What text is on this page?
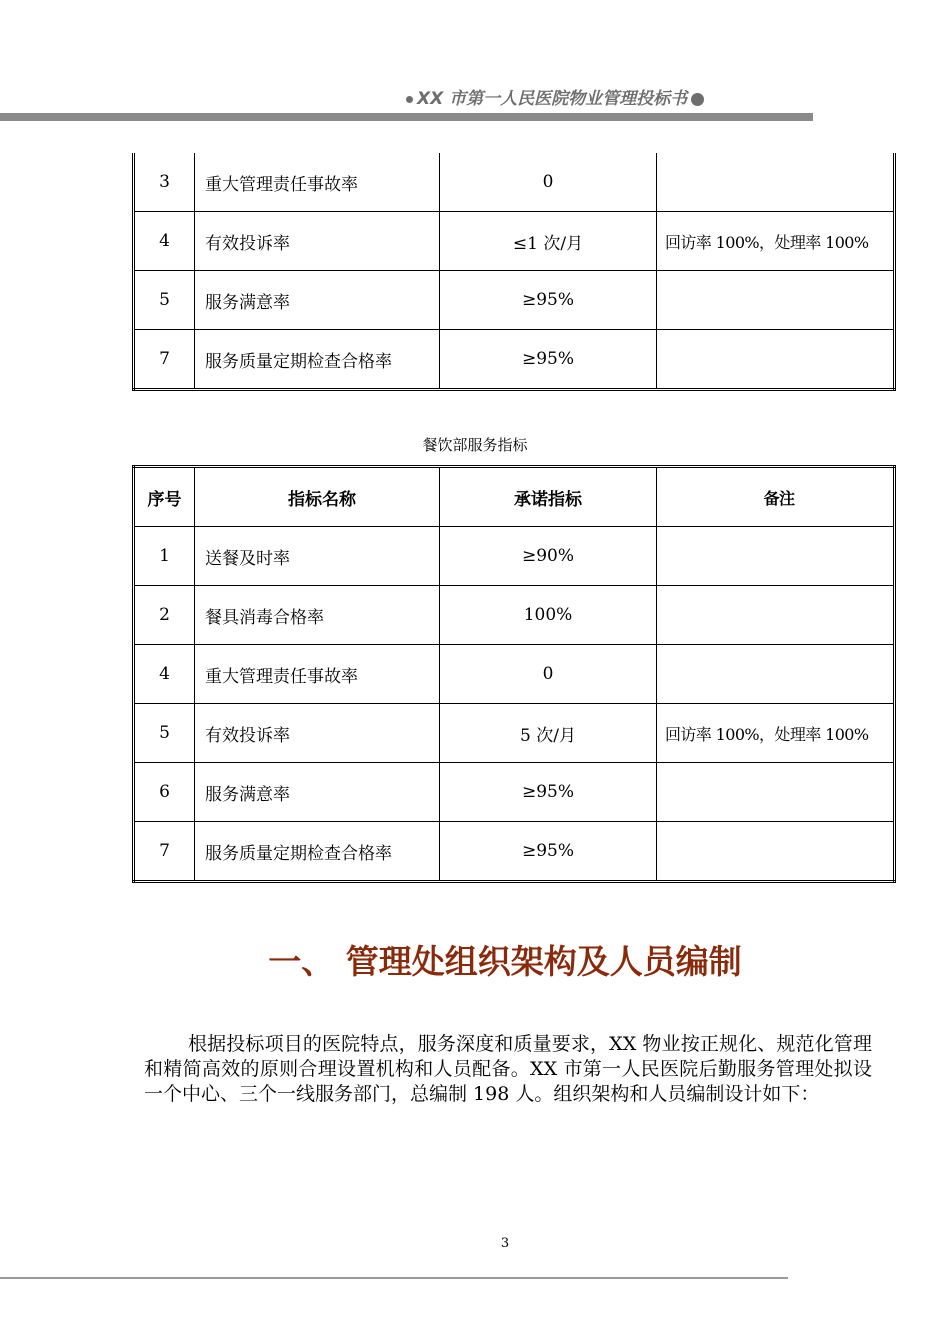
XX 市第一人民医院物业管理投标书
3	重大管理责任事故率	0	
4	有效投诉率	≤1 次/月	回访率 100%，处理率 100%
5	服务满意率	≥95%	
7	服务质量定期检查合格率	≥95%	
餐饮部服务指标
序号	指标名称	承诺指标	备注
1	送餐及时率	≥90%	
2	餐具消毒合格率	100%	
4	重大管理责任事故率	0	
5	有效投诉率	5 次/月	回访率 100%，处理率 100%
6	服务满意率	≥95%	
7	服务质量定期检查合格率	≥95%	
一、 管理处组织架构及人员编制

根据投标项目的医院特点，服务深度和质量要求，XX 物业按正规化、规范化管理和精简高效的原则合理设置机构和人员配备。XX 市第一人民医院后勤服务管理处拟设一个中心、三个一线服务部门，总编制 198 人。组织架构和人员编制设计如下：

3
